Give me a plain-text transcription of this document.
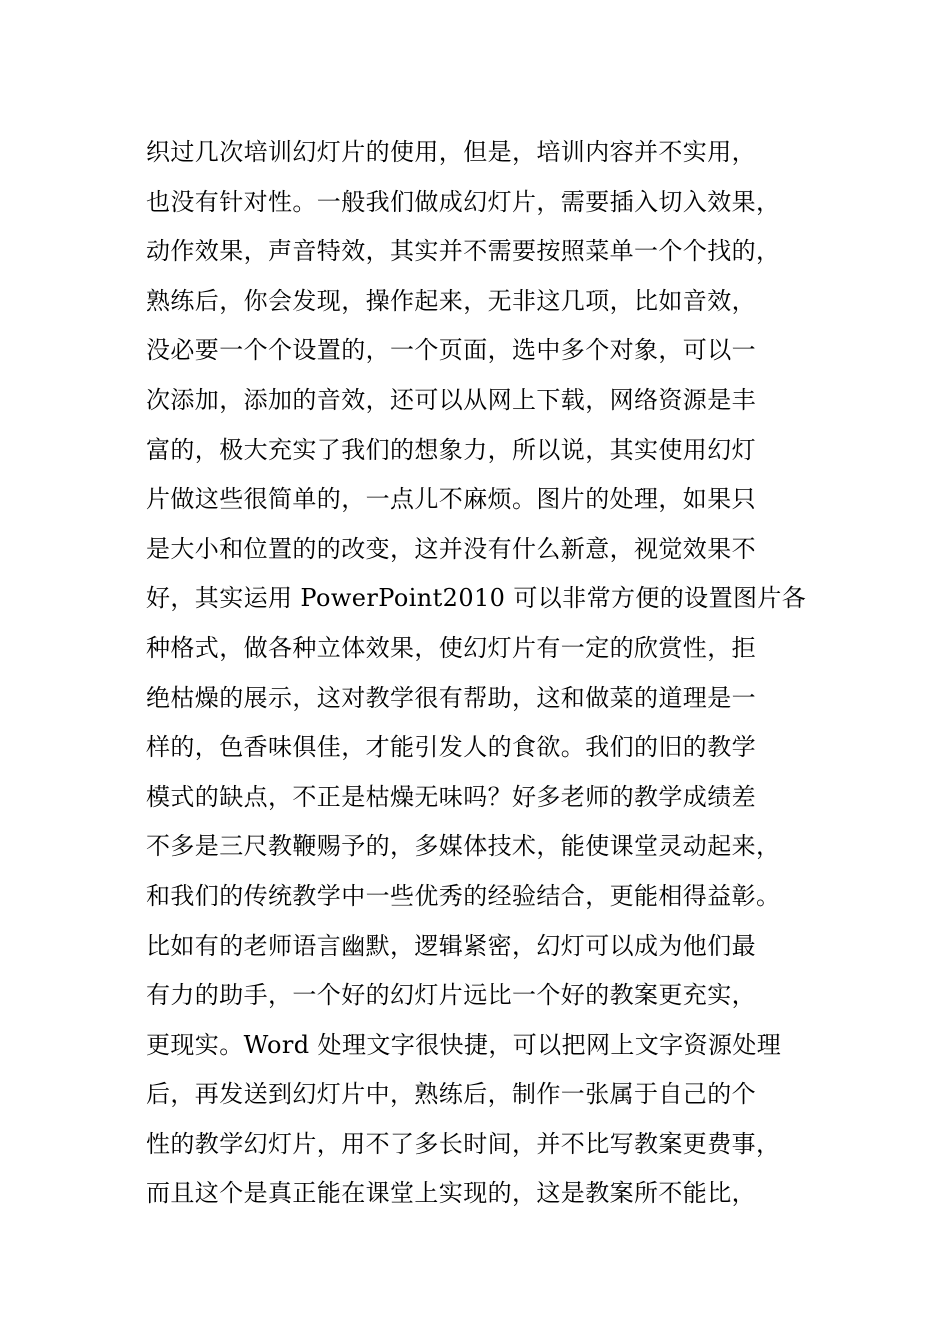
织过几次培训幻灯片的使用，但是，培训内容并不实用，
也没有针对性。一般我们做成幻灯片，需要插入切入效果，
动作效果，声音特效，其实并不需要按照菜单一个个找的，
熟练后，你会发现，操作起来，无非这几项，比如音效，
没必要一个个设置的，一个页面，选中多个对象，可以一
次添加，添加的音效，还可以从网上下载，网络资源是丰
富的，极大充实了我们的想象力，所以说，其实使用幻灯
片做这些很简单的，一点儿不麻烦。图片的处理，如果只
是大小和位置的的改变，这并没有什么新意，视觉效果不
好，其实运用 PowerPoint2010 可以非常方便的设置图片各
种格式，做各种立体效果，使幻灯片有一定的欣赏性，拒
绝枯燥的展示，这对教学很有帮助，这和做菜的道理是一
样的，色香味俱佳，才能引发人的食欲。我们的旧的教学
模式的缺点，不正是枯燥无味吗？好多老师的教学成绩差
不多是三尺教鞭赐予的，多媒体技术，能使课堂灵动起来，
和我们的传统教学中一些优秀的经验结合，更能相得益彰。
比如有的老师语言幽默，逻辑紧密，幻灯可以成为他们最
有力的助手，一个好的幻灯片远比一个好的教案更充实，
更现实。Word 处理文字很快捷，可以把网上文字资源处理
后，再发送到幻灯片中，熟练后，制作一张属于自己的个
性的教学幻灯片，用不了多长时间，并不比写教案更费事，
而且这个是真正能在课堂上实现的，这是教案所不能比，
